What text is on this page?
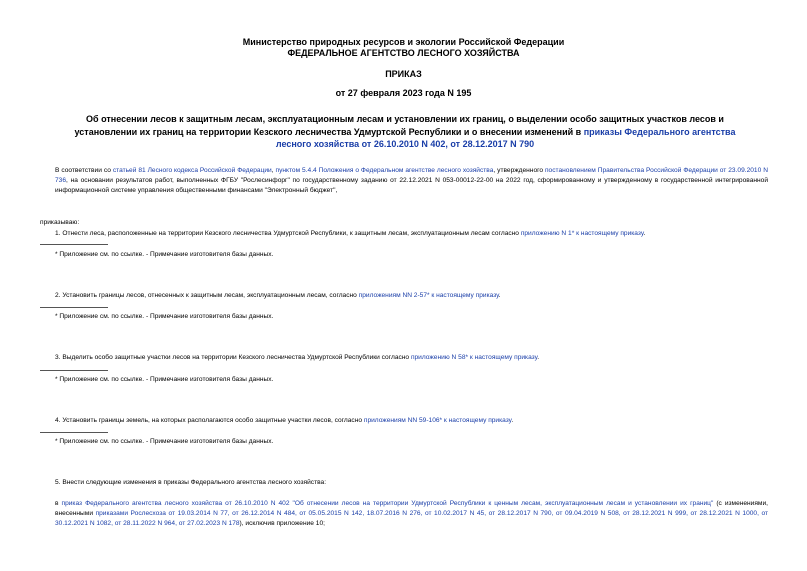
Министерство природных ресурсов и экологии Российской Федерации
ФЕДЕРАЛЬНОЕ АГЕНТСТВО ЛЕСНОГО ХОЗЯЙСТВА
ПРИКАЗ
от 27 февраля 2023 года N 195
Об отнесении лесов к защитным лесам, эксплуатационным лесам и установлении их границ, о выделении особо защитных участков лесов и установлении их границ на территории Кезского лесничества Удмуртской Республики и о внесении изменений в приказы Федерального агентства лесного хозяйства от 26.10.2010 N 402, от 28.12.2017 N 790
В соответствии со статьей 81 Лесного кодекса Российской Федерации, пунктом 5.4.4 Положения о Федеральном агентстве лесного хозяйства, утвержденного постановлением Правительства Российской Федерации от 23.09.2010 N 736, на основании результатов работ, выполненных ФГБУ "Рослесинфорг" по государственному заданию от 22.12.2021 N 053-00012-22-00 на 2022 год, сформированному и утвержденному в государственной интегрированной информационной системе управления общественными финансами "Электронный бюджет",
приказываю:
1. Отнести леса, расположенные на территории Кезского лесничества Удмуртской Республики, к защитным лесам, эксплуатационным лесам согласно приложению N 1* к настоящему приказу.
* Приложение см. по ссылке. - Примечание изготовителя базы данных.
2. Установить границы лесов, отнесенных к защитным лесам, эксплуатационным лесам, согласно приложениям NN 2-57* к настоящему приказу.
* Приложение см. по ссылке. - Примечание изготовителя базы данных.
3. Выделить особо защитные участки лесов на территории Кезского лесничества Удмуртской Республики согласно приложению N 58* к настоящему приказу.
* Приложение см. по ссылке. - Примечание изготовителя базы данных.
4. Установить границы земель, на которых располагаются особо защитные участки лесов, согласно приложениям NN 59-106* к настоящему приказу.
* Приложение см. по ссылке. - Примечание изготовителя базы данных.
5. Внести следующие изменения в приказы Федерального агентства лесного хозяйства:
в приказ Федерального агентства лесного хозяйства от 26.10.2010 N 402 "Об отнесении лесов на территории Удмуртской Республики к ценным лесам, эксплуатационным лесам и установлении их границ" (с изменениями, внесенными приказами Рослесхоза от 19.03.2014 N 77, от 26.12.2014 N 484, от 05.05.2015 N 142, 18.07.2016 N 276, от 10.02.2017 N 45, от 28.12.2017 N 790, от 09.04.2019 N 508, от 28.12.2021 N 999, от 28.12.2021 N 1000, от 30.12.2021 N 1082, от 28.11.2022 N 964, от 27.02.2023 N 178), исключив приложение 10;
